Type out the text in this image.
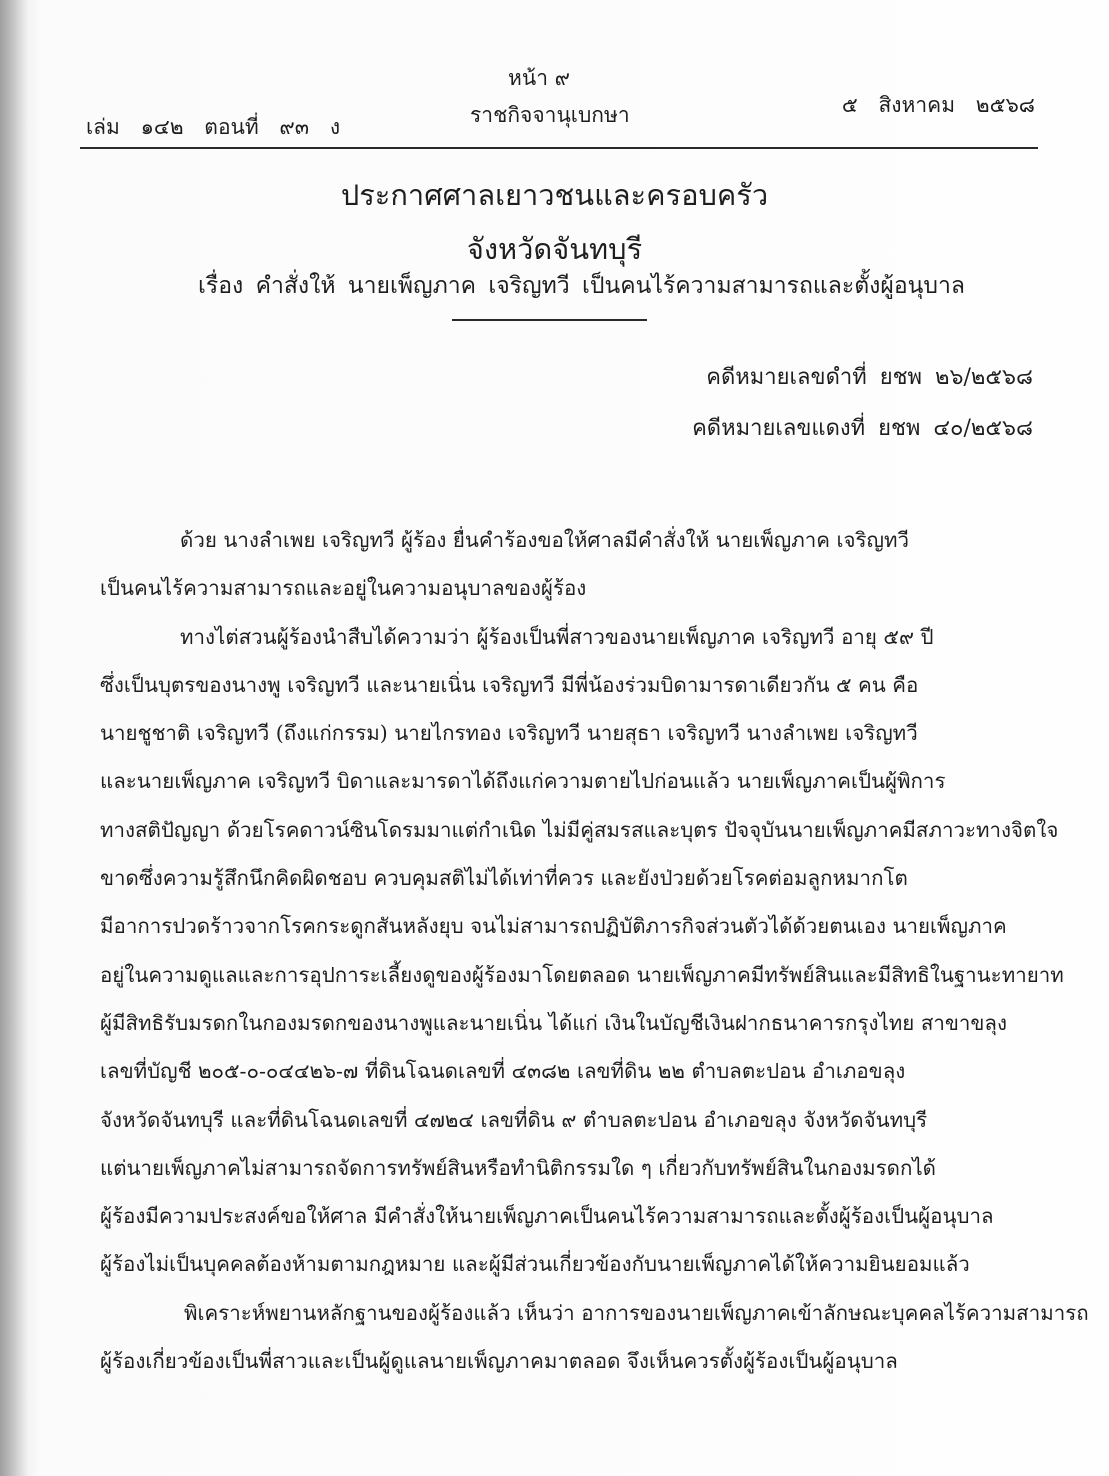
หน้า ๙
เล่ม ๑๔๒ ตอนที่ ๙๓ ง	ราชกิจจานุเบกษา	๕ สิงหาคม ๒๕๖๘
ประกาศศาลเยาวชนและครอบครัว
จังหวัดจันทบุรี
เรื่อง คำสั่งให้ นายเพ็ญภาค เจริญทวี เป็นคนไร้ความสามารถและตั้งผู้อนุบาล
คดีหมายเลขดำที่ ยชพ ๒๖/๒๕๖๘
คดีหมายเลขแดงที่ ยชพ ๔๐/๒๕๖๘
ด้วย นางลำเพย เจริญทวี ผู้ร้อง ยื่นคำร้องขอให้ศาลมีคำสั่งให้ นายเพ็ญภาค เจริญทวี
เป็นคนไร้ความสามารถและอยู่ในความอนุบาลของผู้ร้อง
ทางไต่สวนผู้ร้องนำสืบได้ความว่า ผู้ร้องเป็นพี่สาวของนายเพ็ญภาค เจริญทวี อายุ ๕๙ ปี
ซึ่งเป็นบุตรของนางพู เจริญทวี และนายเนิ่น เจริญทวี มีพี่น้องร่วมบิดามารดาเดียวกัน ๕ คน คือ
นายชูชาติ เจริญทวี (ถึงแก่กรรม) นายไกรทอง เจริญทวี นายสุธา เจริญทวี นางลำเพย เจริญทวี
และนายเพ็ญภาค เจริญทวี บิดาและมารดาได้ถึงแก่ความตายไปก่อนแล้ว นายเพ็ญภาคเป็นผู้พิการ
ทางสติปัญญา ด้วยโรคดาวน์ซินโดรมมาแต่กำเนิด ไม่มีคู่สมรสและบุตร ปัจจุบันนายเพ็ญภาคมีสภาวะทางจิตใจ
ขาดซึ่งความรู้สึกนึกคิดผิดชอบ ควบคุมสติไม่ได้เท่าที่ควร และยังป่วยด้วยโรคต่อมลูกหมากโต
มีอาการปวดร้าวจากโรคกระดูกสันหลังยุบ จนไม่สามารถปฏิบัติภารกิจส่วนตัวได้ด้วยตนเอง นายเพ็ญภาค
อยู่ในความดูแลและการอุปการะเลี้ยงดูของผู้ร้องมาโดยตลอด นายเพ็ญภาคมีทรัพย์สินและมีสิทธิในฐานะทายาท
ผู้มีสิทธิรับมรดกในกองมรดกของนางพูและนายเนิ่น ได้แก่ เงินในบัญชีเงินฝากธนาคารกรุงไทย สาขาขลุง
เลขที่บัญชี ๒๐๕-๐-๐๔๔๒๖-๗ ที่ดินโฉนดเลขที่ ๔๓๘๒ เลขที่ดิน ๒๒ ตำบลตะปอน อำเภอขลุง
จังหวัดจันทบุรี และที่ดินโฉนดเลขที่ ๔๗๒๔ เลขที่ดิน ๙ ตำบลตะปอน อำเภอขลุง จังหวัดจันทบุรี
แต่นายเพ็ญภาคไม่สามารถจัดการทรัพย์สินหรือทำนิติกรรมใด ๆ เกี่ยวกับทรัพย์สินในกองมรดกได้
ผู้ร้องมีความประสงค์ขอให้ศาล มีคำสั่งให้นายเพ็ญภาคเป็นคนไร้ความสามารถและตั้งผู้ร้องเป็นผู้อนุบาล
ผู้ร้องไม่เป็นบุคคลต้องห้ามตามกฎหมาย และผู้มีส่วนเกี่ยวข้องกับนายเพ็ญภาคได้ให้ความยินยอมแล้ว
พิเคราะห์พยานหลักฐานของผู้ร้องแล้ว เห็นว่า อาการของนายเพ็ญภาคเข้าลักษณะบุคคลไร้ความสามารถ
ผู้ร้องเกี่ยวข้องเป็นพี่สาวและเป็นผู้ดูแลนายเพ็ญภาคมาตลอด จึงเห็นควรตั้งผู้ร้องเป็นผู้อนุบาล
